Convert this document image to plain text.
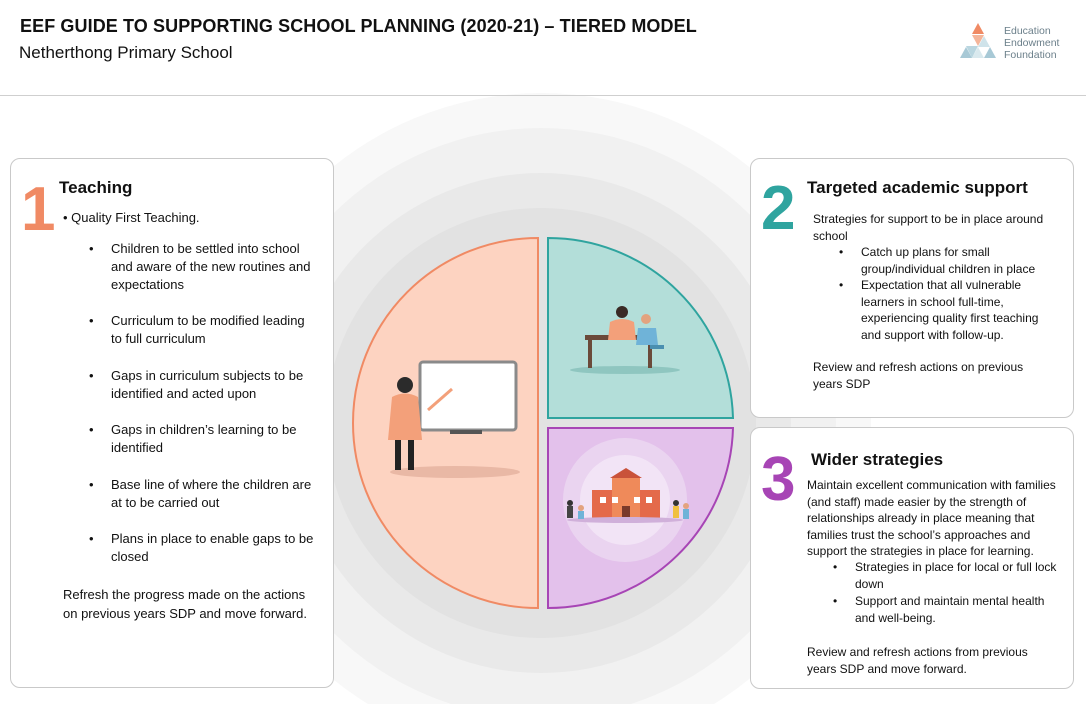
EEF GUIDE TO SUPPORTING SCHOOL PLANNING (2020-21) – TIERED MODEL
Netherthong Primary School
Education
Endowment
Foundation
1 Teaching
• Quality First Teaching.
• Children to be settled into school and aware of the new routines and expectations
• Curriculum to be modified leading to full curriculum
• Gaps in curriculum subjects to be identified and acted upon
• Gaps in children’s learning to be identified
• Base line of where the children are at to be carried out
• Plans in place to enable gaps to be closed
Refresh the progress made on the actions on previous years SDP and move forward.
2 Targeted academic support
Strategies for support to be in place around school
• Catch up plans for small group/individual children in place
• Expectation that all vulnerable learners in school full-time, experiencing quality first teaching and support with follow-up.
Review and refresh actions on previous years SDP
3 Wider strategies
Maintain excellent communication with families (and staff) made easier by the strength of relationships already in place meaning that families trust the school’s approaches and support the strategies in place for learning.
• Strategies in place for local or full lock down
• Support and maintain mental health and well-being.
Review and refresh actions from previous years SDP and move forward.
